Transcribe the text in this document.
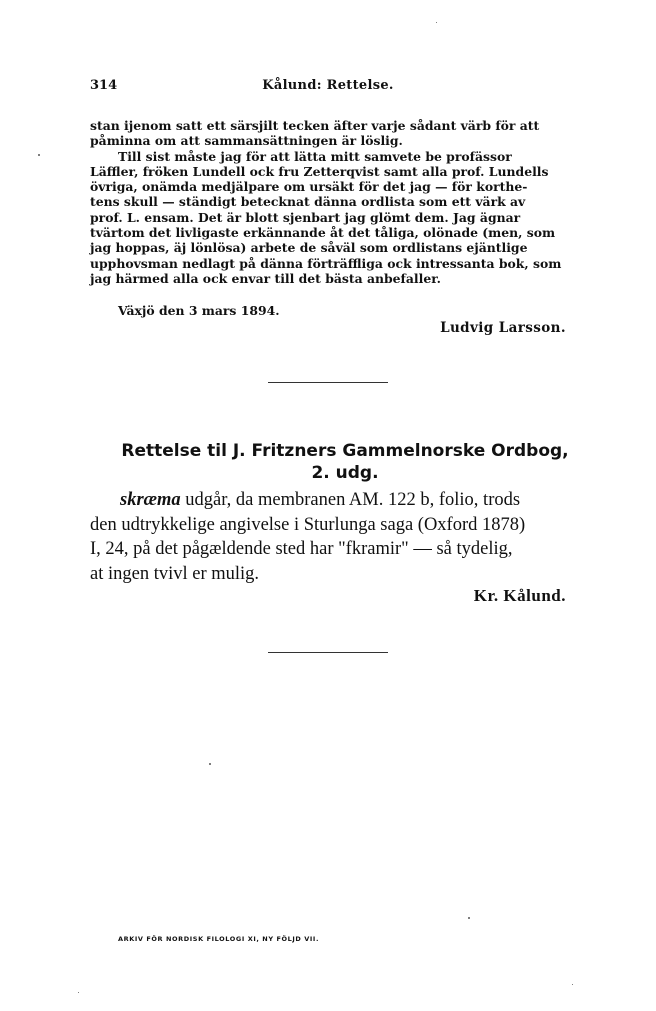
314	Kålund: Rettelse.
stan ijenom satt ett särsjilt tecken äfter varje sådant värb för att
påminna om att sammansättningen är löslig.
Till sist måste jag för att lätta mitt samvete be profässor
Läffler, fröken Lundell ock fru Zetterqvist samt alla prof. Lundells
övriga, onämda medjälpare om ursäkt för det jag — för korthe-
tens skull — ständigt betecknat dänna ordlista som ett värk av
prof. L. ensam. Det är blott sjenbart jag glömt dem. Jag ägnar
tvärtom det livligaste erkännande åt det tåliga, olönade (men, som
jag hoppas, äj lönlösa) arbete de såväl som ordlistans ejäntlige
upphovsman nedlagt på dänna förträffliga ock intressanta bok, som
jag härmed alla ock envar till det bästa anbefaller.
Växjö den 3 mars 1894.
Ludvig Larsson.
Rettelse til J. Fritzners Gammelnorske Ordbog,
2. udg.
skræma udgår, da membranen AM. 122 b, folio, trods
den udtrykkelige angivelse i Sturlunga saga (Oxford 1878)
I, 24, på det pågældende sted har "fkramir" — så tydelig,
at ingen tvivl er mulig.
Kr. Kålund.
ARKIV FÖR NORDISK FILOLOGI XI, NY FÖLJD VII.
